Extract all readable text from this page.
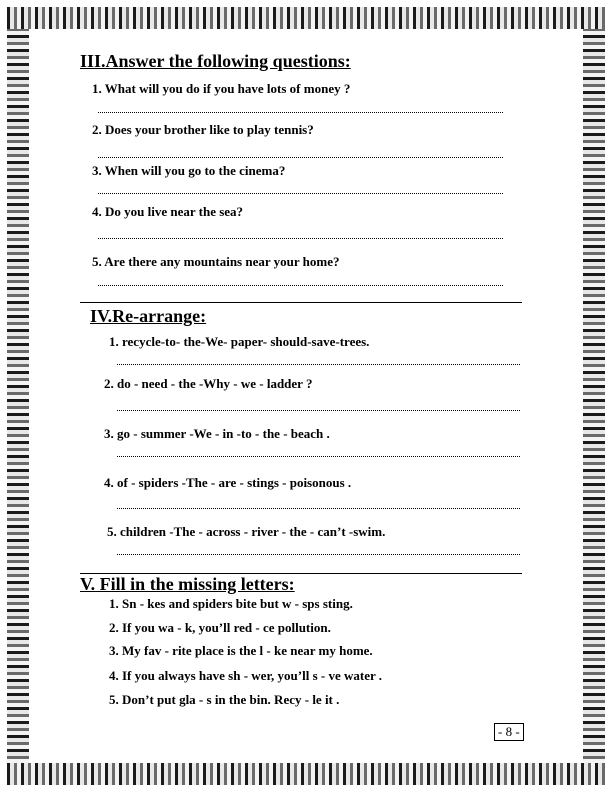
III.Answer the following questions:
1. What will you do if you have lots of money ?
2. Does your brother like to play tennis?
3. When will you go to the cinema?
4. Do you live near the sea?
5. Are there any mountains near your home?
IV.Re-arrange:
1. recycle-to- the-We- paper- should-save-trees.
2. do - need - the -Why - we - ladder ?
3. go - summer -We - in -to - the - beach .
4. of - spiders -The - are - stings - poisonous .
5. children -The - across - river - the - can’t -swim.
V. Fill in the missing letters:
1. Sn - kes and spiders bite but w - sps sting.
2. If you wa - k, you’ll red - ce pollution.
3. My fav - rite place is the l - ke near my home.
4. If you always have sh - wer, you’ll s - ve water .
5. Don’t put gla - s in the bin. Recy - le it .
- 8 -
